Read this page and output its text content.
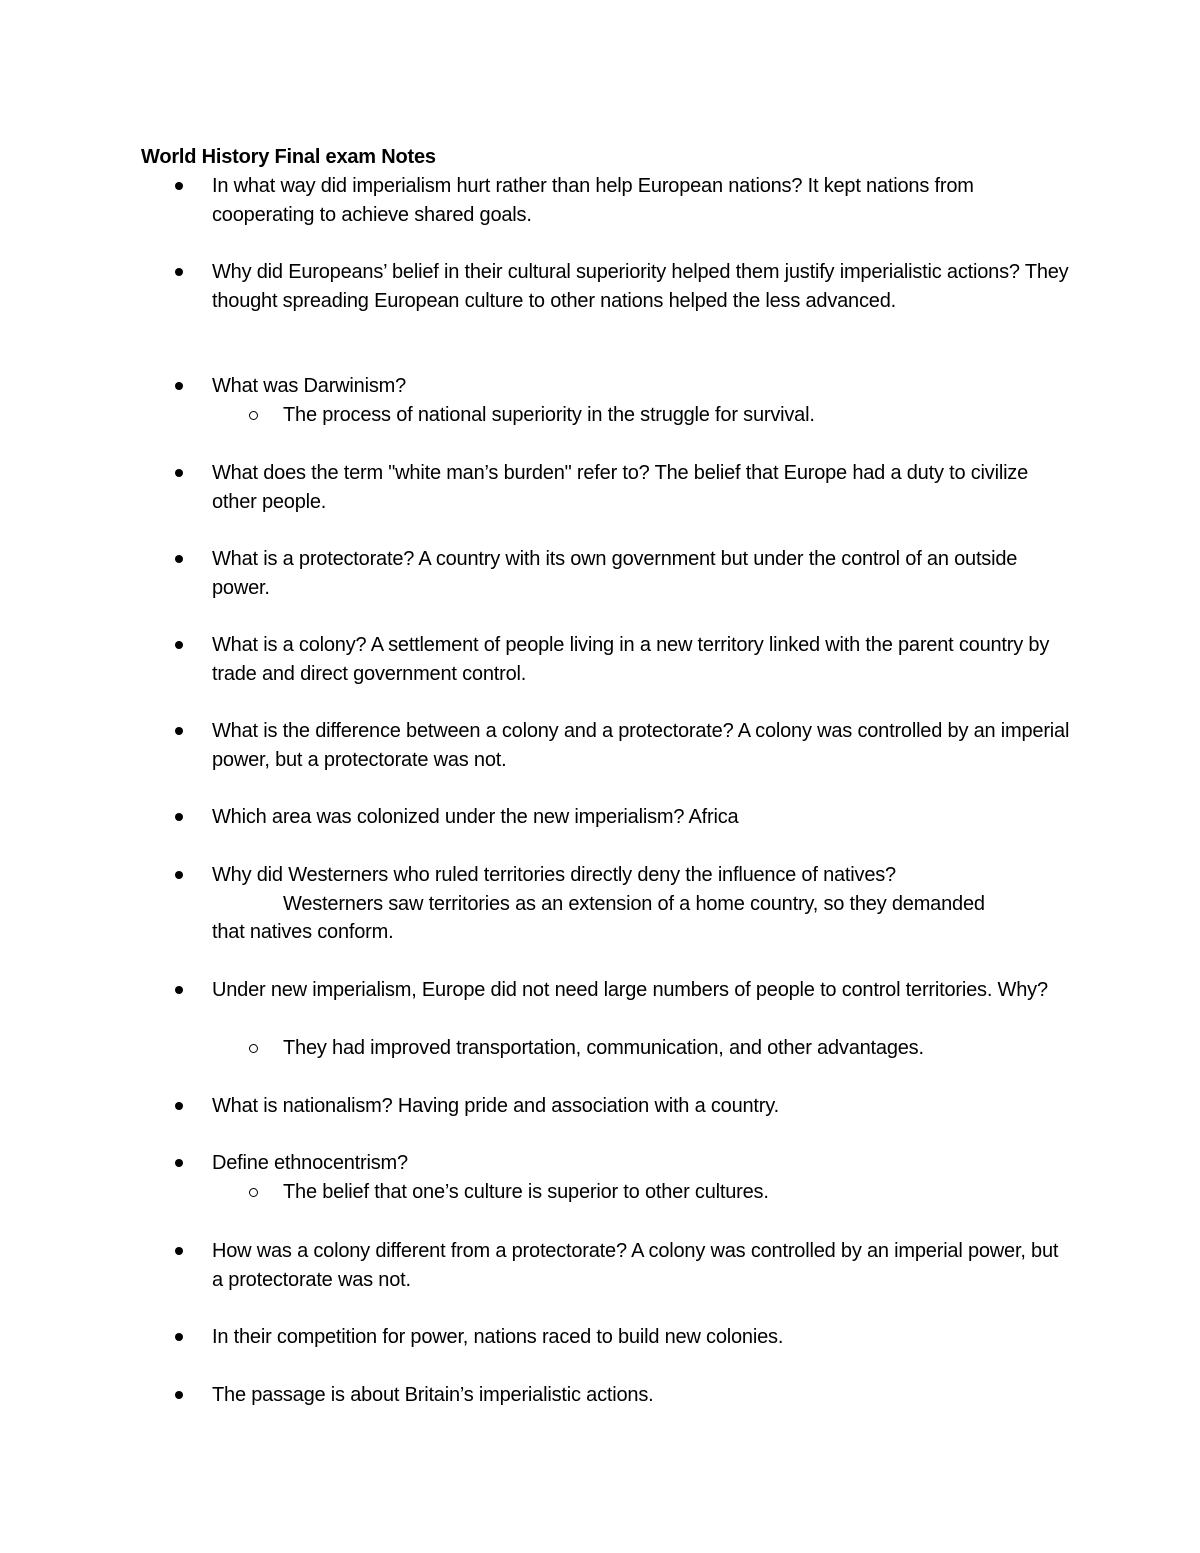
World History Final exam Notes
In what way did imperialism hurt rather than help European nations? It kept nations from cooperating to achieve shared goals.
Why did Europeans’ belief in their cultural superiority helped them justify imperialistic actions? They thought spreading European culture to other nations helped the less advanced.
What was Darwinism?
The process of national superiority in the struggle for survival.
What does the term "white man’s burden" refer to? The belief that Europe had a duty to civilize other people.
What is a protectorate? A country with its own government but under the control of an outside power.
What is a colony? A settlement of people living in a new territory linked with the parent country by trade and direct government control.
What is the difference between a colony and a protectorate? A colony was controlled by an imperial power, but a protectorate was not.
Which area was colonized under the new imperialism? Africa
Why did Westerners who ruled territories directly deny the influence of natives?
Westerners saw territories as an extension of a home country, so they demanded
that natives conform.
Under new imperialism, Europe did not need large numbers of people to control territories. Why?
They had improved transportation, communication, and other advantages.
What is nationalism? Having pride and association with a country.
Define ethnocentrism?
The belief that one’s culture is superior to other cultures.
How was a colony different from a protectorate? A colony was controlled by an imperial power, but a protectorate was not.
In their competition for power, nations raced to build new colonies.
The passage is about Britain’s imperialistic actions.
